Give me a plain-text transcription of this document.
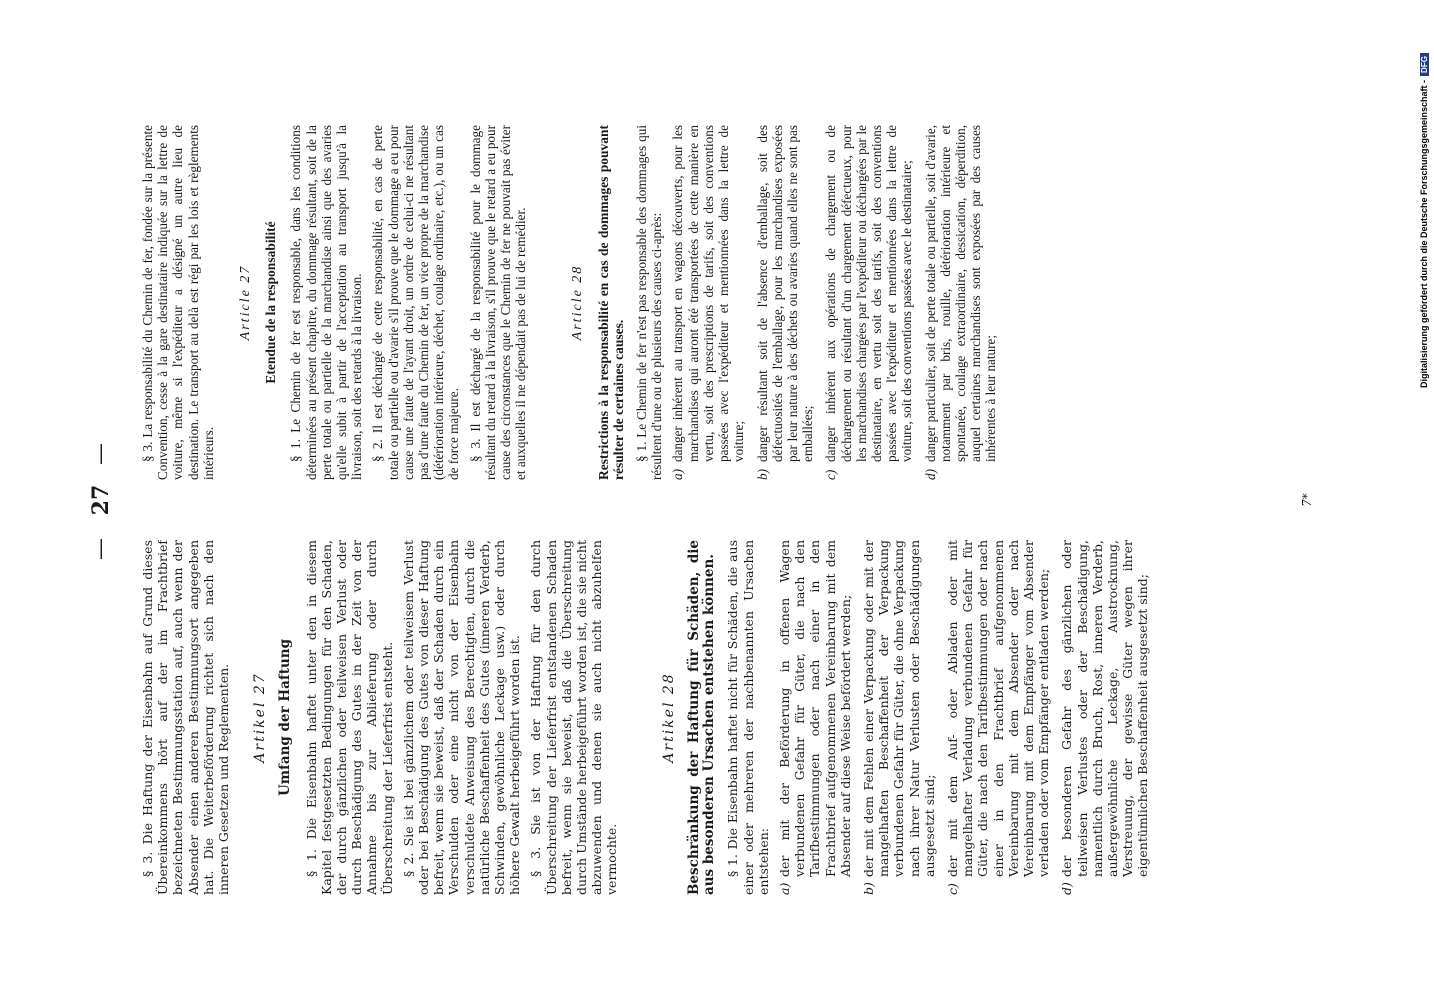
—
27
—

§ 3. Die Haftung der Eisenbahn auf Grund dieses Übereinkommens hört auf der im Frachtbrief bezeichneten Bestimmungsstation auf, auch wenn der Absender einen anderen Bestimmungsort angegeben hat. Die Weiterbeförderung richtet sich nach den inneren Gesetzen und Reglementen. Artikel 27 Umfang der Haftung § 1. Die Eisenbahn haftet unter den in diesem Kapitel festgesetzten Bedingungen für den Schaden, der durch gänzlichen oder teilweisen Verlust oder durch Beschädigung des Gutes in der Zeit von der Annahme bis zur Ablieferung oder durch Überschreitung der Lieferfrist entsteht. § 2. Sie ist bei gänzlichem oder teilweisem Verlust oder bei Beschädigung des Gutes von dieser Haftung befreit, wenn sie beweist, daß der Schaden durch ein Verschulden oder eine nicht von der Eisenbahn verschuldete Anweisung des Berechtigten, durch die natürliche Beschaffenheit des Gutes (inneren Verderb, Schwinden, gewöhnliche Leckage usw.) oder durch höhere Gewalt herbeigeführt worden ist. § 3. Sie ist von der Haftung für den durch Überschreitung der Lieferfrist entstandenen Schaden befreit, wenn sie beweist, daß die Überschreitung durch Umstände herbeigeführt worden ist, die sie nicht abzuwenden und denen sie auch nicht abzuhelfen vermochte.

Artikel 28 Beschränkung der Haftung für Schäden, die aus besonderen Ursachen entstehen können. § 1. Die Eisenbahn haftet nicht für Schäden, die aus einer oder mehreren der nachbenannten Ursachen entstehen: a)
der mit der Beförderung in offenen Wagen verbundenen Gefahr für Güter, die nach den Tarifbestimmungen oder nach einer in den Frachtbrief aufgenommenen Vereinbarung mit dem Absender auf diese Weise befördert werden;
b)
der mit dem Fehlen einer Verpackung oder mit der mangelhaften Beschaffenheit der Verpackung verbundenen Gefahr für Güter, die ohne Verpackung nach ihrer Natur Verlusten oder Beschädigungen ausgesetzt sind;
c)
der mit dem Auf- oder Abladen oder mit mangelhafter Verladung verbundenen Gefahr für Güter, die nach den Tarifbestimmungen oder nach einer in den Frachtbrief aufgenommenen Vereinbarung mit dem Absender oder nach Vereinbarung mit dem Empfänger vom Absender verladen oder vom Empfänger entladen werden;
d)
der besonderen Gefahr des gänzlichen oder teilweisen Verlustes oder der Beschädigung, namentlich durch Bruch, Rost, inneren Verderb, außergewöhnliche Leckage, Austrocknung, Verstreuung, der gewisse Güter wegen ihrer eigentümlichen Beschaffenheit ausgesetzt sind;

§ 3. La responsabilité du Chemin de fer, fondée sur la présente Convention, cesse à la gare destinataire indiquée sur la lettre de voiture, même si l'expéditeur a désigné un autre lieu de destination. Le transport au delà est régi par les lois et règlements intérieurs.

Article 27 Etendue de la responsabilité § 1. Le Chemin de fer est responsable, dans les conditions déterminées au présent chapitre, du dommage résultant, soit de la perte totale ou partielle de la marchandise ainsi que des avaries qu'elle subit à partir de l'acceptation au transport jusqu'à la livraison, soit des retards à la livraison. § 2. Il est déchargé de cette responsabilité, en cas de perte totale ou partielle ou d'avarie s'il prouve que le dommage a eu pour cause une faute de l'ayant droit, un ordre de celui-ci ne résultant pas d'une faute du Chemin de fer, un vice propre de la marchandise (détérioration intérieure, déchet, coulage ordinaire, etc.), ou un cas de force majeure. § 3. Il est déchargé de la responsabilité pour le dommage résultant du retard à la livraison, s'il prouve que le retard a eu pour cause des circonstances que le Chemin de fer ne pouvait pas éviter et auxquelles il ne dépendait pas de lui de remédier.	Article 28 Restrictions à la responsabilité en cas de dommages pouvant résulter de certaines causes. § 1. Le Chemin de fer n'est pas responsable des dommages qui résultent d'une ou de plusieurs des causes ci-après: a)
danger inhérent au transport en wagons découverts, pour les marchandises qui auront été transportées de cette manière en vertu, soit des prescriptions de tarifs, soit des conventions passées avec l'expéditeur et mentionnées dans la lettre de voiture;
b)
danger résultant soit de l'absence d'emballage, soit des défectuosités de l'emballage, pour les marchandises exposées par leur nature à des déchets ou avaries quand elles ne sont pas emballées;
c)
danger inhérent aux opérations de chargement ou de déchargement ou résultant d'un chargement défectueux, pour les marchandises chargées par l'expéditeur ou déchargées par le destinataire, en vertu soit des tarifs, soit des conventions passées avec l'expéditeur et mentionnées dans la lettre de voiture, soit des conventions passées avec le destinataire;
d)
danger particulier, soit de perte totale ou partielle, soit d'avarie, notamment par bris, rouille, détérioration intérieure et spontanée, coulage extraordinaire, dessication, déperdition, auquel certaines marchandises sont exposées par des causes inhérentes à leur nature;
7*
Digitalisierung gefördert durch die Deutsche Forschungsgemeinschaft -
DFG
